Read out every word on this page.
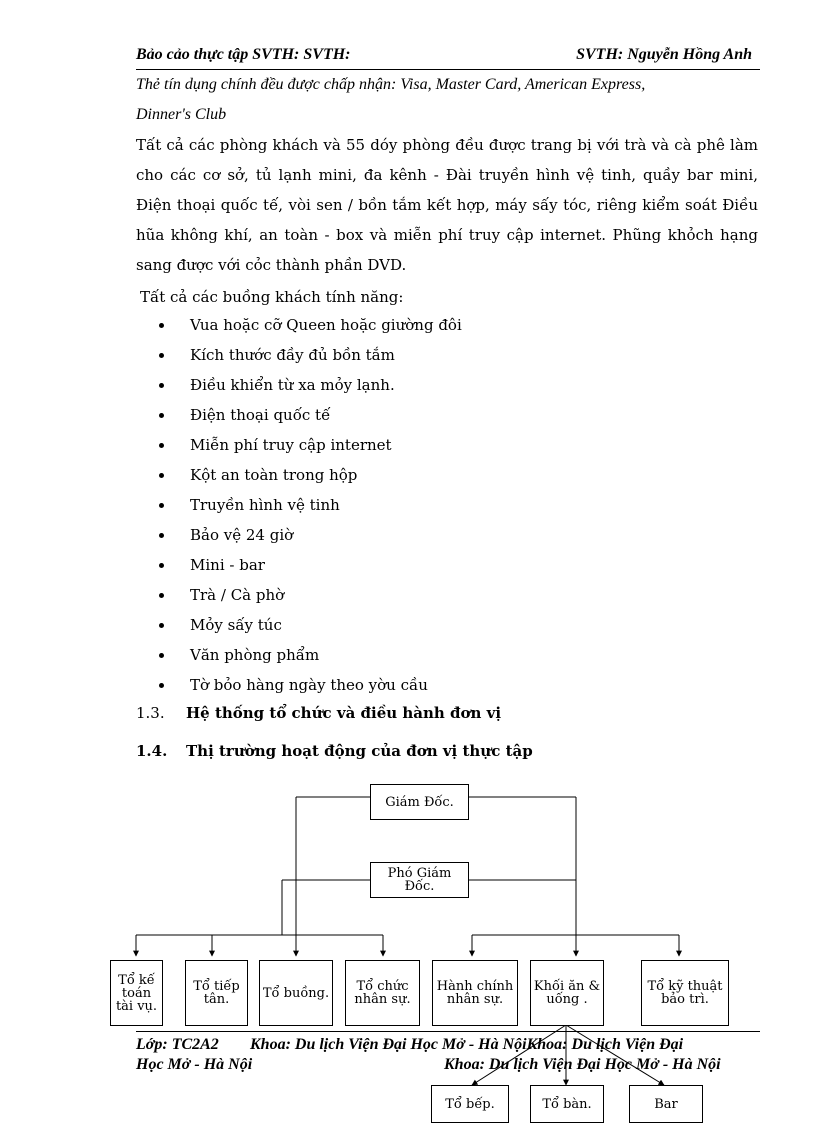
Bảo cảo thực tập SVTH: SVTH:	SVTH: Nguyễn Hồng Anh
Thẻ tín dụng chính đều được chấp nhận: Visa, Master Card, American Express,
Dinner's Club
Tất cả các phòng khách và 55 dóy phòng đều được trang bị với trà và cà phê làm cho các cơ sở, tủ lạnh mini, đa kênh - Đài truyền hình vệ tinh, quầy bar mini, Điện thoại quốc tế, vòi sen / bồn tắm kết hợp, máy sấy tóc, riêng kiểm soát Điều hũa không khí, an toàn - box và miễn phí truy cập internet. Phũng khỏch hạng sang được với cỏc thành phần DVD.
Tất cả các buồng khách tính năng:
Vua hoặc cỡ Queen hoặc giường đôi
Kích thước đầy đủ bồn tắm
Điều khiển từ xa mỏy lạnh.
Điện thoại quốc tế
Miễn phí truy cập internet
Kột an toàn trong hộp
Truyền hình vệ tinh
Bảo vệ 24 giờ
Mini - bar
Trà / Cà phờ
Mỏy sấy túc
Văn phòng phẩm
Tờ bỏo hàng ngày theo yờu cầu
1.3. Hệ thống tổ chức và điều hành đơn vị
1.4. Thị trường hoạt động của đơn vị thực tập
Giám Đốc.
Phó Giám Đốc.
Tổ kế toán tài vụ.
Tổ tiếp tân.	Tổ buồng.	Tổ chức nhân sự.
Hành chính nhân sự.
Khối ăn & uống .
Tổ kỹ thuật bảo trì.
Tổ bếp.	Tổ bàn.	Bar
Lớp: TC2A2 Khoa: Du lịch Viện Đại Học Mở - Hà NộiKhoa: Du lịch Viện Đại
Học Mở - Hà Nội	Khoa: Du lịch Viện Đại Học Mở - Hà Nội
